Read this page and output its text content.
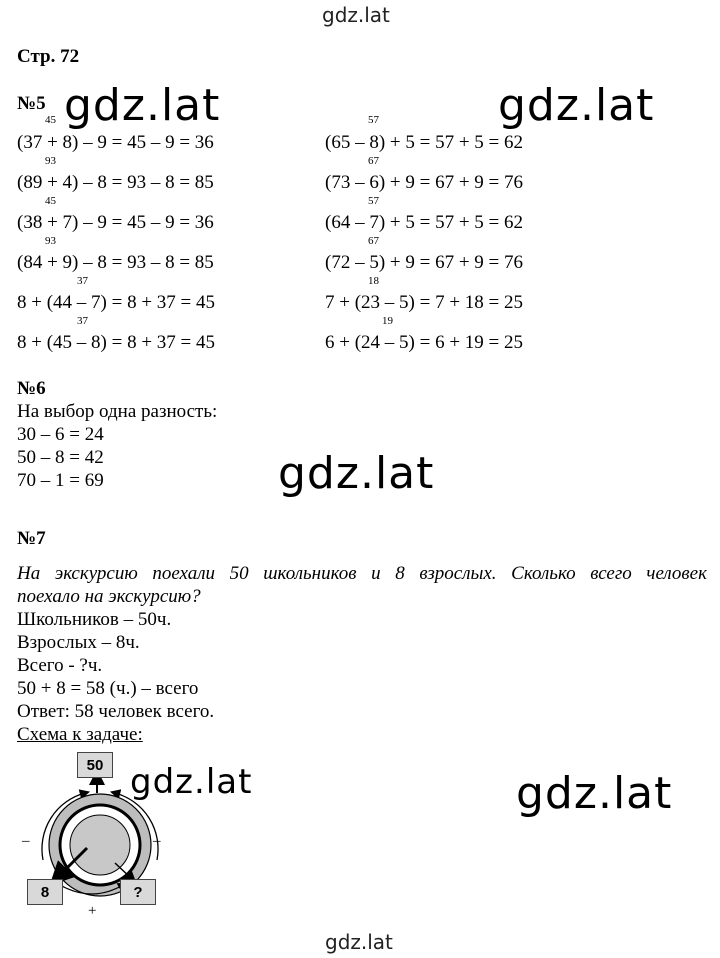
gdz.lat
gdz.lat
gdz.lat	gdz.lat
gdz.lat
gdz.lat	gdz.lat
Стр. 72
№5
45
(37 + 8) – 9 = 45 – 9 = 36
93
(89 + 4) – 8 = 93 – 8 = 85
45
(38 + 7) – 9 = 45 – 9 = 36
93
(84 + 9) – 8 = 93 – 8 = 85
37
8 + (44 – 7) = 8 + 37 = 45
37
8 + (45 – 8) = 8 + 37 = 45
57
(65 – 8) + 5 = 57 + 5 = 62
67
(73 – 6) + 9 = 67 + 9 = 76
57
(64 – 7) + 5 = 57 + 5 = 62
67
(72 – 5) + 9 = 67 + 9 = 76
18
7 + (23 – 5) = 7 + 18 = 25
19
6 + (24 – 5) = 6 + 19 = 25
№6
На выбор одна разность:
30 – 6 = 24
50 – 8 = 42
70 – 1 = 69
№7
На экскурсию поехали 50 школьников и 8 взрослых. Сколько всего человек
поехало на экскурсию?
Школьников – 50ч.
Взрослых – 8ч.
Всего - ?ч.
50 + 8 = 58 (ч.) – всего
Ответ: 58 человек всего.
Схема к задаче:
50
8	?
–	–
+
